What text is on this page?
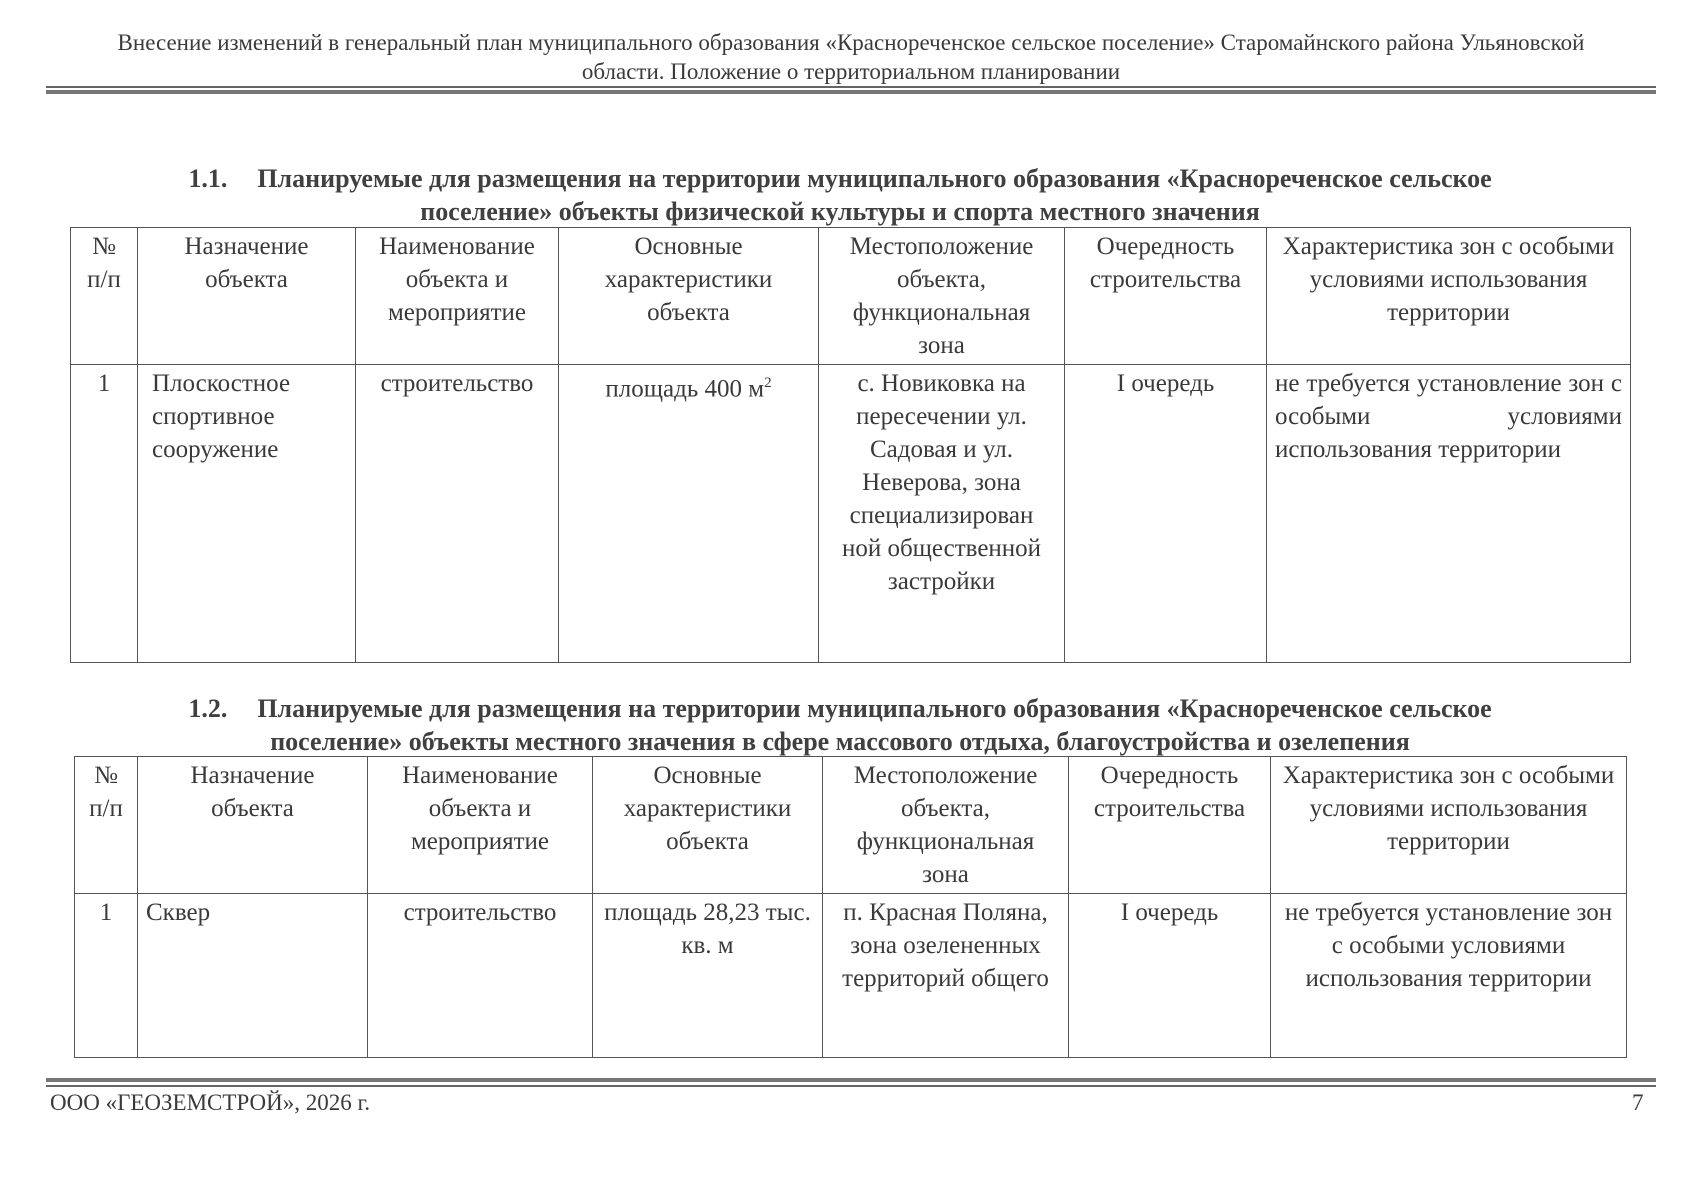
Внесение изменений в генеральный план муниципального образования «Краснореченское сельское поселение» Старомайнского района Ульяновской
области. Положение о территориальном планировании
1.1. Планируемые для размещения на территории муниципального образования «Краснореченское сельское
поселение» объекты физической культуры и спорта местного значения
№ п/п	Назначение объекта	Наименование объекта и мероприятие	Основные характеристики объекта	Местоположение объекта, функциональная зона	Очередность строительства	Характеристика зон с особыми условиями использования территории
1	Плоскостное спортивное сооружение	строительство	площадь 400 $м^2$	с. Новиковка на пересечении ул. Садовая и ул. Неверова, зона специализирован ной общественной застройки	I очередь	не требуется установление зон с особыми условиями использования территории
1.2. Планируемые для размещения на территории муниципального образования «Краснореченское сельское
поселение» объекты местного значения в сфере массового отдыха, благоустройства и озелепения
№ п/п	Назначение объекта	Наименование объекта и мероприятие	Основные характеристики объекта	Местоположение объекта, функциональная зона	Очередность строительства	Характеристика зон с особыми условиями использования территории
1	Сквер	строительство	площадь 28,23 тыс. кв. м	п. Красная Поляна, зона озелененных территорий общего	I очередь	не требуется установление зон с особыми условиями использования территории
ООО «ГЕОЗЕМСТРОЙ», 2026 г.	7
